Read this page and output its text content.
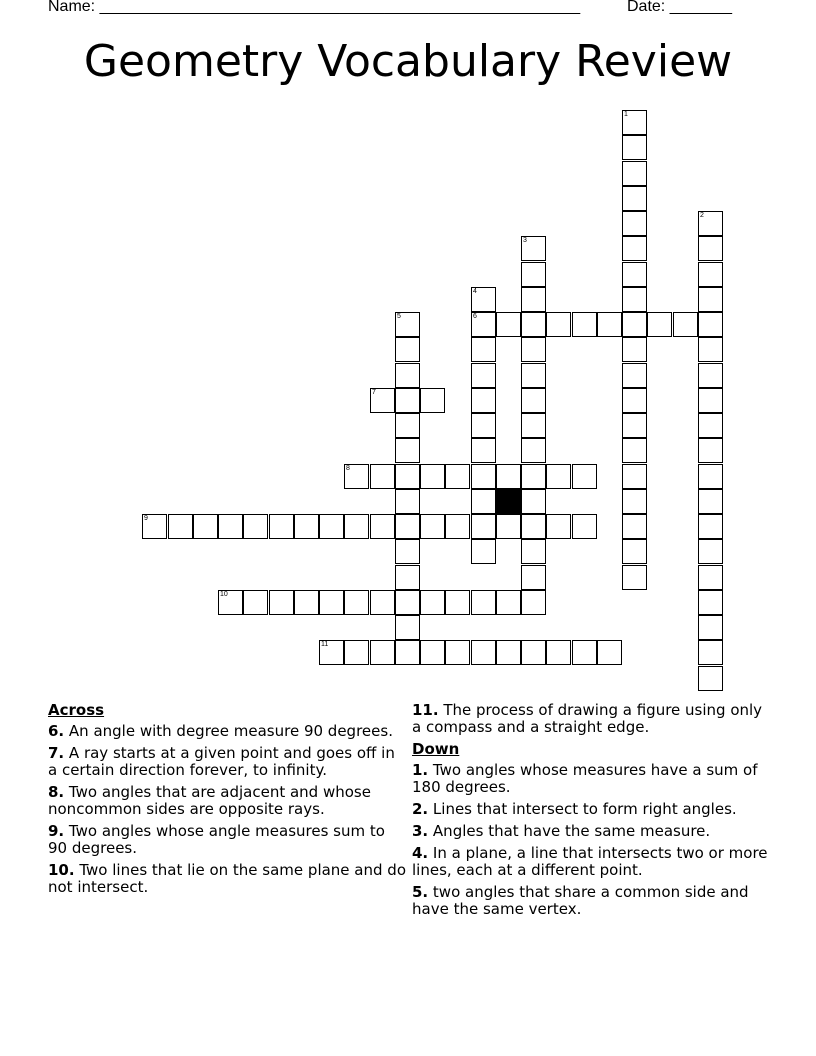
Name: ______________________________________________________	Date: _______
Geometry Vocabulary Review
1
2
3
4
6
5
7
8
9
10
11
Across
6. An angle with degree measure 90 degrees.
7. A ray starts at a given point and goes off in a certain direction forever, to infinity.
8. Two angles that are adjacent and whose noncommon sides are opposite rays.
9. Two angles whose angle measures sum to 90 degrees.
10. Two lines that lie on the same plane and do not intersect.
11. The process of drawing a figure using only a compass and a straight edge.
Down
1. Two angles whose measures have a sum of 180 degrees.
2. Lines that intersect to form right angles.
3. Angles that have the same measure.
4. In a plane, a line that intersects two or more lines, each at a different point.
5. two angles that share a common side and have the same vertex.
